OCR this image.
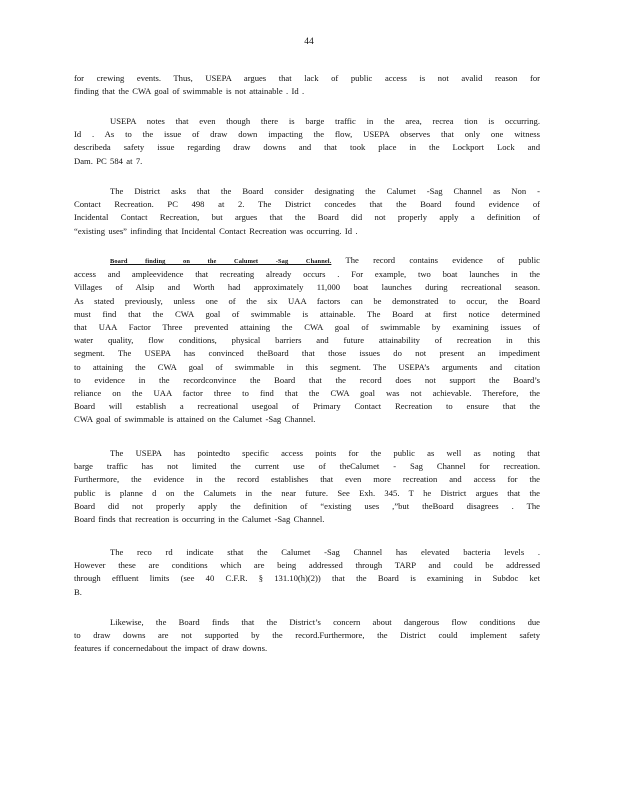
44
for crewing events. Thus, USEPA argues that lack of public access is not avalid reason for
finding that the CWA goal of swimmable is not attainable . Id .
USEPA notes that even though there is barge traffic in the area, recrea tion is occurring.
Id . As to the issue of draw down impacting the flow, USEPA observes that only one witness
describeda safety issue regarding draw downs and that took place in the Lockport Lock and
Dam. PC 584 at 7.
The District asks that the Board consider designating the Calumet -Sag Channel as Non -
Contact Recreation. PC 498 at 2. The District concedes that the Board found evidence of
Incidental Contact Recreation, but argues that the Board did not properly apply a definition of
“existing uses” infinding that Incidental Contact Recreation was occurring. Id .
Board finding on the Calumet -Sag Channel. The record contains evidence of public
access and ampleevidence that recreating already occurs . For example, two boat launches in the
Villages of Alsip and Worth had approximately 11,000 boat launches during recreational season.
As stated previously, unless one of the six UAA factors can be demonstrated to occur, the Board
must find that the CWA goal of swimmable is attainable. The Board at first notice determined
that UAA Factor Three prevented attaining the CWA goal of swimmable by examining issues of
water quality, flow conditions, physical barriers and future attainability of recreation in this
segment. The USEPA has convinced theBoard that those issues do not present an impediment
to attaining the CWA goal of swimmable in this segment. The USEPA’s arguments and citation
to evidence in the recordconvince the Board that the record does not support the Board’s
reliance on the UAA factor three to find that the CWA goal was not achievable. Therefore, the
Board will establish a recreational usegoal of Primary Contact Recreation to ensure that the
CWA goal of swimmable is attained on the Calumet -Sag Channel.
The USEPA has pointedto specific access points for the public as well as noting that
barge traffic has not limited the current use of theCalumet - Sag Channel for recreation.
Furthermore, the evidence in the record establishes that even more recreation and access for the
public is planne d on the Calumets in the near future. See Exh. 345. T he District argues that the
Board did not properly apply the definition of “existing uses ,”but theBoard disagrees . The
Board finds that recreation is occurring in the Calumet -Sag Channel.
The reco rd indicate sthat the Calumet -Sag Channel has elevated bacteria levels .
However these are conditions which are being addressed through TARP and could be addressed
through effluent limits (see 40 C.F.R. § 131.10(h)(2)) that the Board is examining in Subdoc ket
B.
Likewise, the Board finds that the District’s concern about dangerous flow conditions due
to draw downs are not supported by the record.Furthermore, the District could implement safety
features if concernedabout the impact of draw downs.
